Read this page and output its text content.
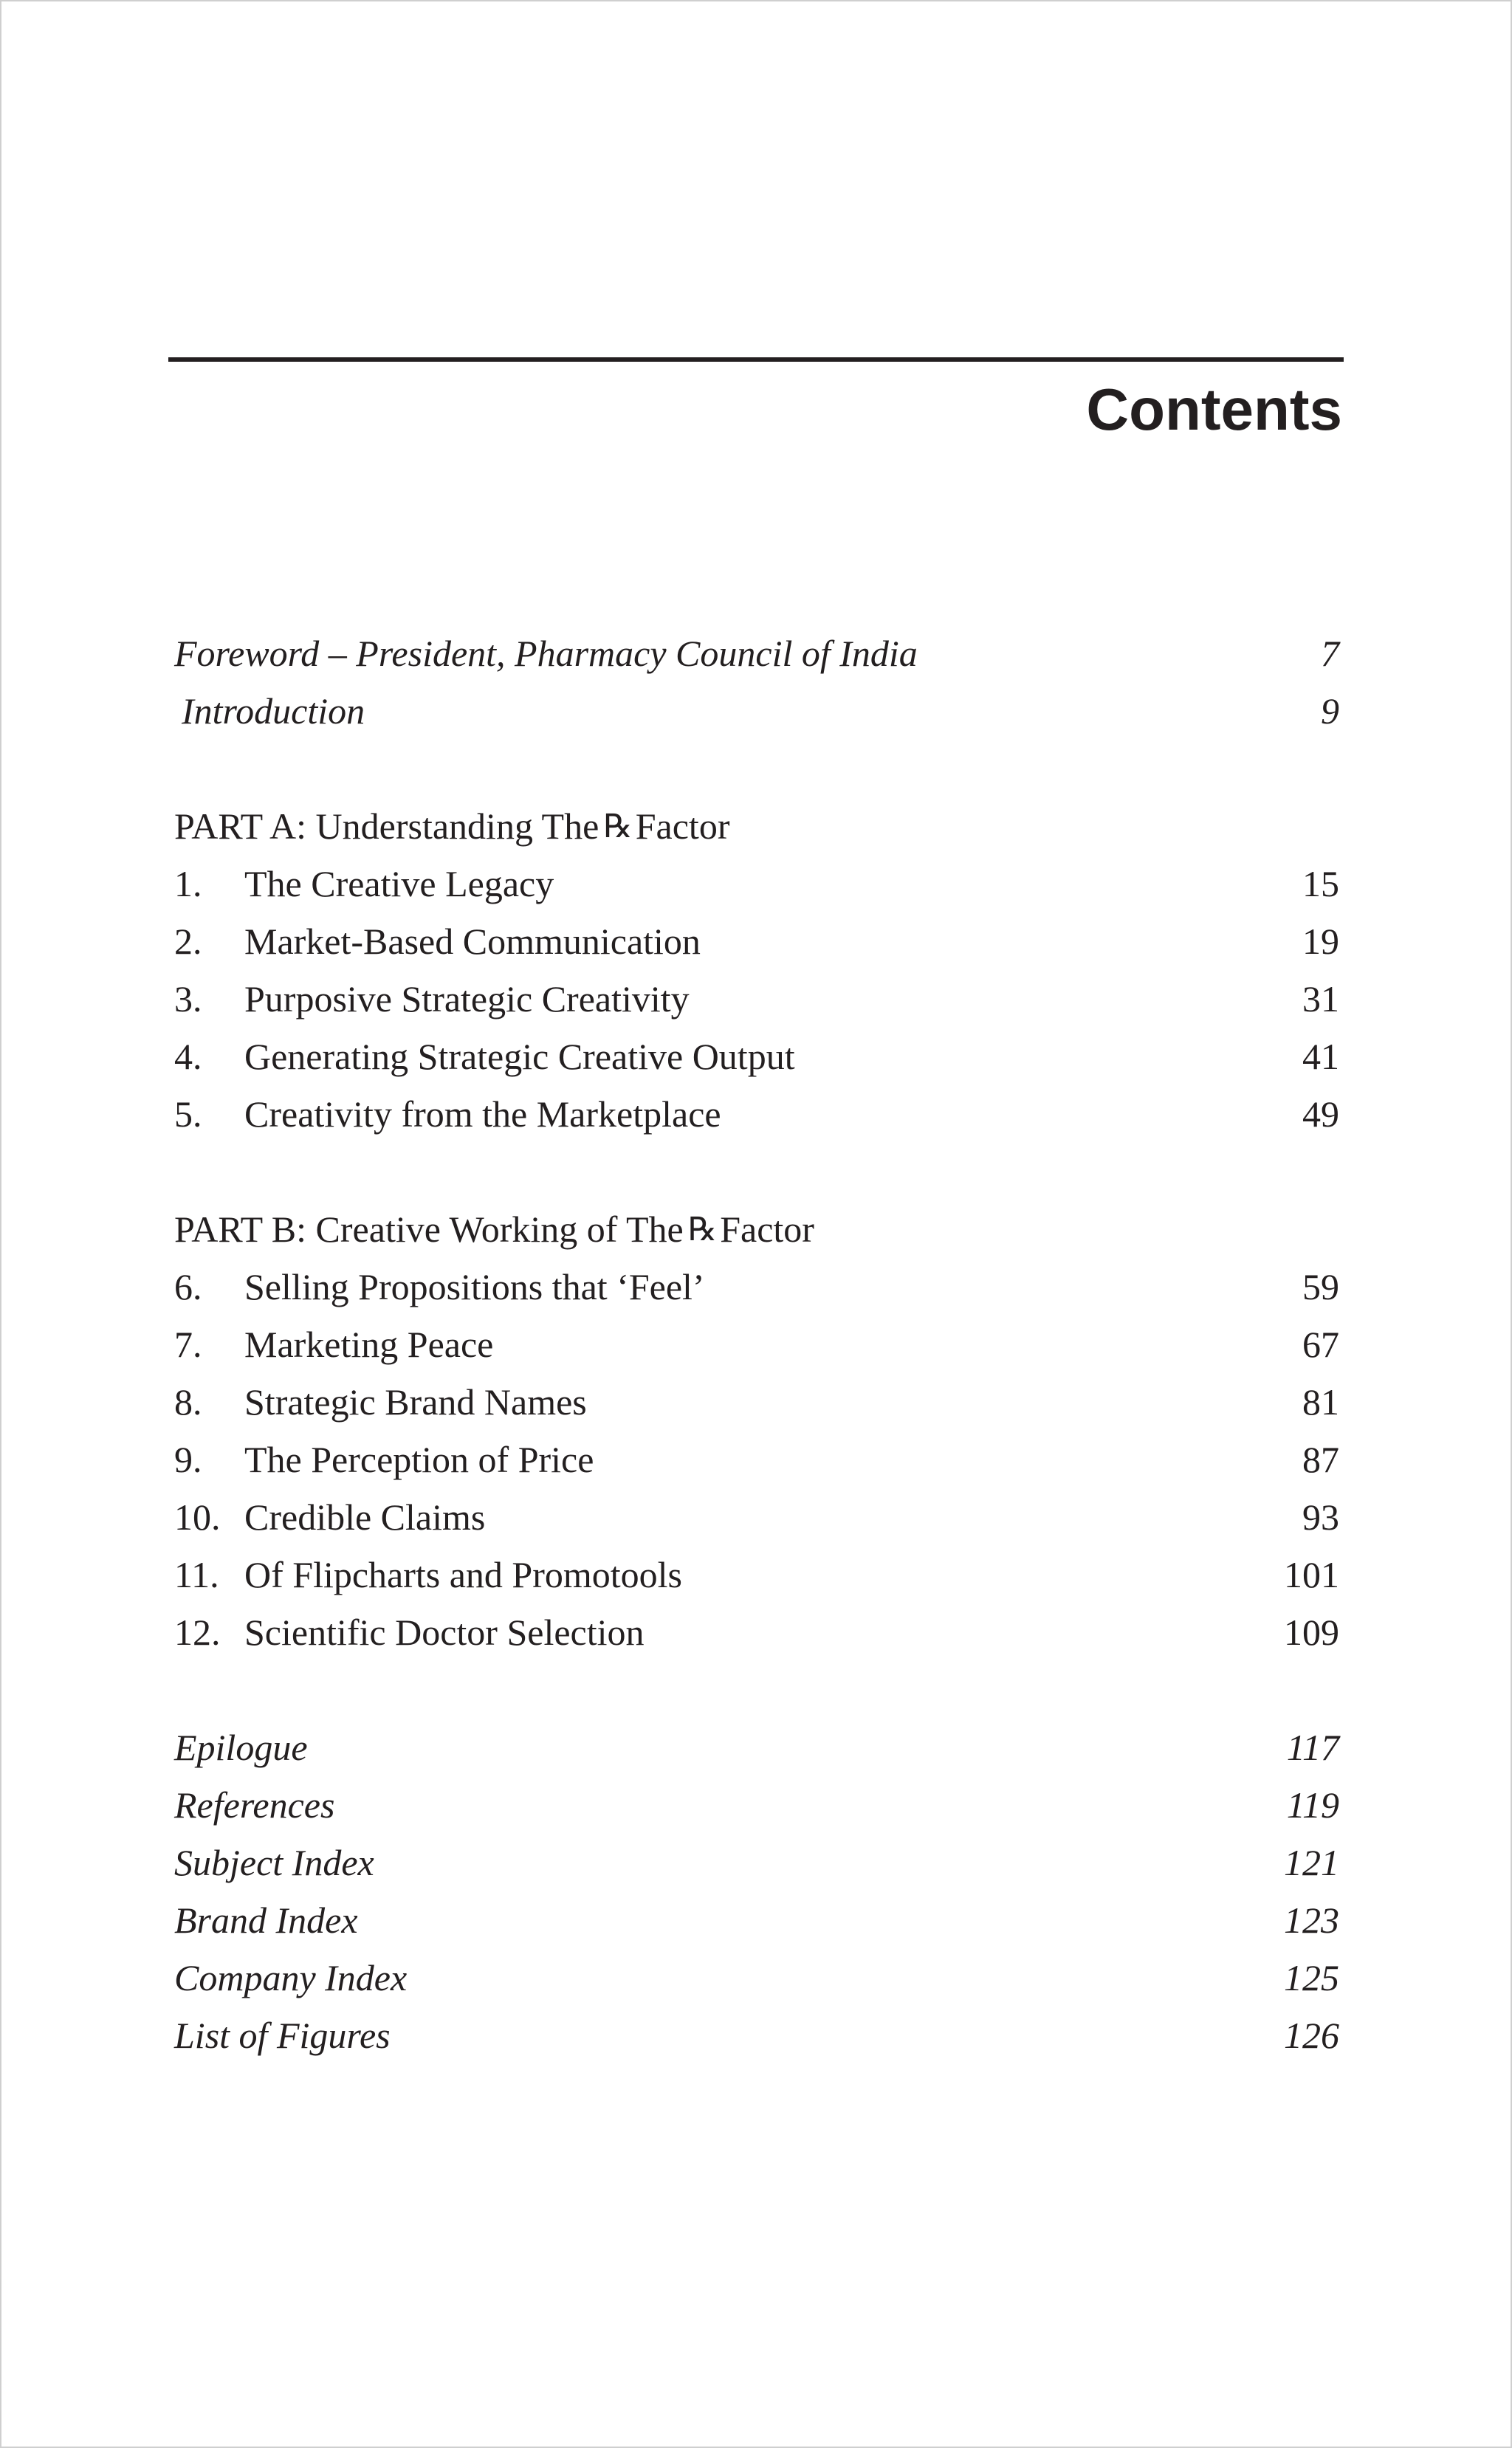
Contents
Foreword – President, Pharmacy Council of India	7
Introduction	9
PART A: Understanding The ℞Factor
1. The Creative Legacy	15
2. Market-Based Communication	19
3. Purposive Strategic Creativity	31
4. Generating Strategic Creative Output	41
5. Creativity from the Marketplace	49
PART B: Creative Working of The ℞Factor
6. Selling Propositions that ‘Feel’	59
7. Marketing Peace	67
8. Strategic Brand Names	81
9. The Perception of Price	87
10. Credible Claims	93
11. Of Flipcharts and Promotools	101
12. Scientific Doctor Selection	109
Epilogue	117
References	119
Subject Index	121
Brand Index	123
Company Index	125
List of Figures	126
